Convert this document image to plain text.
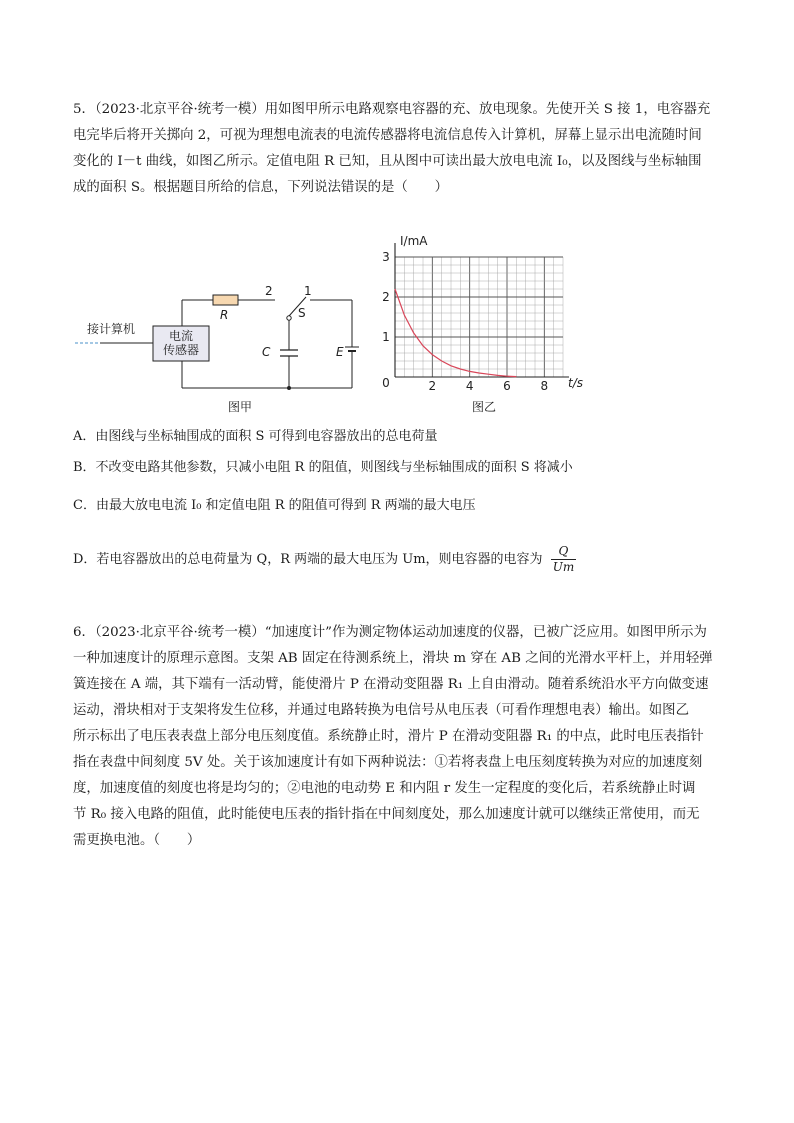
5．（2023·北京平谷·统考一模）用如图甲所示电路观察电容器的充、放电现象。先使开关 S 接 1，电容器充
电完毕后将开关掷向 2，可视为理想电流表的电流传感器将电流信息传入计算机，屏幕上显示出电流随时间
变化的 I－t 曲线，如图乙所示。定值电阻 R 已知，且从图中可读出最大放电电流 I₀，以及图线与坐标轴围
成的面积 S。根据题目所给的信息，下列说法错误的是（　　）
接计算机	电流
传感器
R
2	1
S
C	E
图甲
2 4 6 8
0
1
2
3
I/mA
t/s
图乙
A．由图线与坐标轴围成的面积 S 可得到电容器放出的总电荷量
B．不改变电路其他参数，只减小电阻 R 的阻值，则图线与坐标轴围成的面积 S 将减小
C．由最大放电电流 I₀ 和定值电阻 R 的阻值可得到 R 两端的最大电压
D．若电容器放出的总电荷量为 Q，R 两端的最大电压为 Um，则电容器的电容为 $\frac{Q}{Um}$
6．（2023·北京平谷·统考一模）“加速度计”作为测定物体运动加速度的仪器，已被广泛应用。如图甲所示为
一种加速度计的原理示意图。支架 AB 固定在待测系统上，滑块 m 穿在 AB 之间的光滑水平杆上，并用轻弹
簧连接在 A 端，其下端有一活动臂，能使滑片 P 在滑动变阻器 R₁ 上自由滑动。随着系统沿水平方向做变速
运动，滑块相对于支架将发生位移，并通过电路转换为电信号从电压表（可看作理想电表）输出。如图乙
所示标出了电压表表盘上部分电压刻度值。系统静止时，滑片 P 在滑动变阻器 R₁ 的中点，此时电压表指针
指在表盘中间刻度 5V 处。关于该加速度计有如下两种说法：①若将表盘上电压刻度转换为对应的加速度刻
度，加速度值的刻度也将是均匀的；②电池的电动势 E 和内阻 r 发生一定程度的变化后，若系统静止时调
节 R₀ 接入电路的阻值，此时能使电压表的指针指在中间刻度处，那么加速度计就可以继续正常使用，而无
需更换电池。（　　）
